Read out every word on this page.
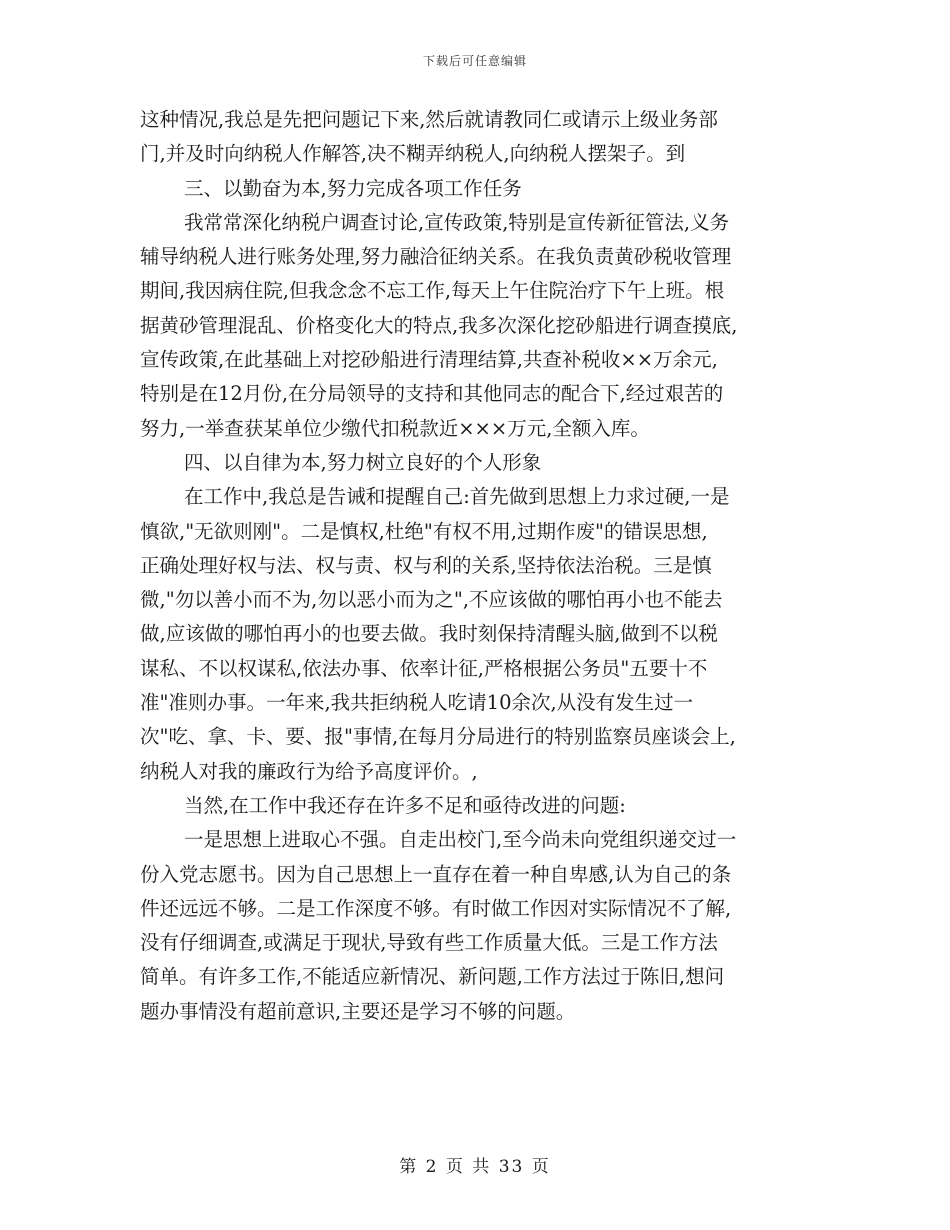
下载后可任意编辑
这种情况,我总是先把问题记下来,然后就请教同仁或请示上级业务部
门,并及时向纳税人作解答,决不糊弄纳税人,向纳税人摆架子。到
三、以勤奋为本,努力完成各项工作任务
我常常深化纳税户调查讨论,宣传政策,特别是宣传新征管法,义务
辅导纳税人进行账务处理,努力融洽征纳关系。在我负责黄砂税收管理
期间,我因病住院,但我念念不忘工作,每天上午住院治疗下午上班。根
据黄砂管理混乱、价格变化大的特点,我多次深化挖砂船进行调查摸底,
宣传政策,在此基础上对挖砂船进行清理结算,共查补税收××万余元,
特别是在12月份,在分局领导的支持和其他同志的配合下,经过艰苦的
努力,一举查获某单位少缴代扣税款近×××万元,全额入库。
四、以自律为本,努力树立良好的个人形象
在工作中,我总是告诫和提醒自己:首先做到思想上力求过硬,一是
慎欲,"无欲则刚"。二是慎权,杜绝"有权不用,过期作废"的错误思想,
正确处理好权与法、权与责、权与利的关系,坚持依法治税。三是慎
微,"勿以善小而不为,勿以恶小而为之",不应该做的哪怕再小也不能去
做,应该做的哪怕再小的也要去做。我时刻保持清醒头脑,做到不以税
谋私、不以权谋私,依法办事、依率计征,严格根据公务员"五要十不
准"准则办事。一年来,我共拒纳税人吃请10余次,从没有发生过一
次"吃、拿、卡、要、报"事情,在每月分局进行的特别监察员座谈会上,
纳税人对我的廉政行为给予高度评价。,
当然,在工作中我还存在许多不足和亟待改进的问题:
一是思想上进取心不强。自走出校门,至今尚未向党组织递交过一
份入党志愿书。因为自己思想上一直存在着一种自卑感,认为自己的条
件还远远不够。二是工作深度不够。有时做工作因对实际情况不了解,
没有仔细调查,或满足于现状,导致有些工作质量大低。三是工作方法
简单。有许多工作,不能适应新情况、新问题,工作方法过于陈旧,想问
题办事情没有超前意识,主要还是学习不够的问题。
第 2 页 共 33 页
